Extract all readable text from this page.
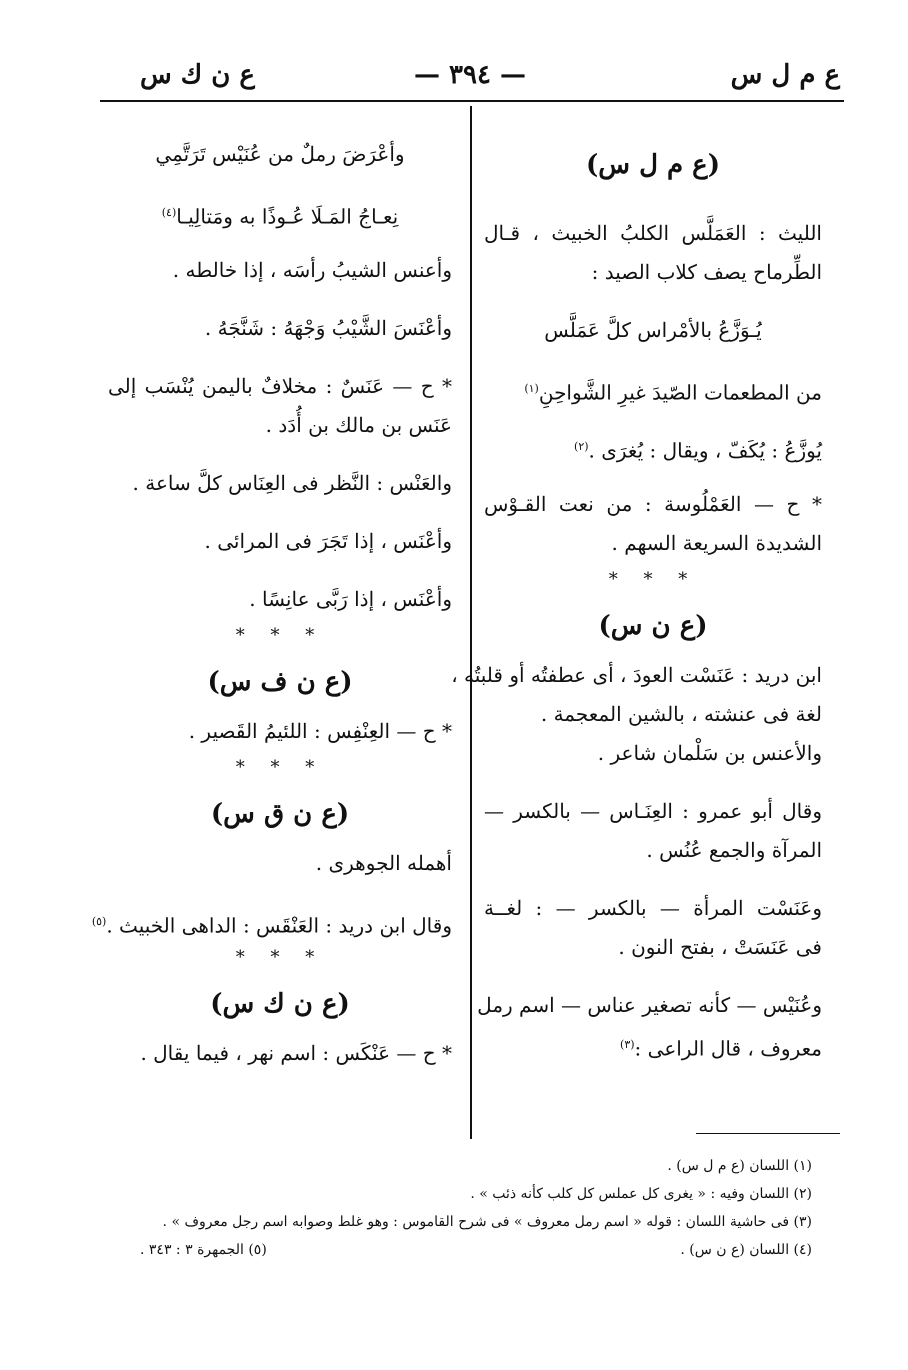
ع م ل س
— ٣٩٤ —
ع ن ك س
(ع م ل س)
الليث : العَمَلَّس الكلبُ الخبيث ، قـال
الطِّرماح يصف كلاب الصيد :
يُـوَزَّعُ بالأمْراس كلَّ عَمَلَّس
من المطعمات الصّيدَ غيرِ الشَّواحِنِ$^{(١)}$
يُوزَّعُ : يُكَفّ ، ويقال : يُغرَى .$^{(٢)}$
* ح — العَمْلُوسة : من نعت القـوْس
الشديدة السريعة السهم .
* * *
(ع ن س)
ابن دريد : عَنَسْت العودَ ، أى عطفتُه أو قلبتُه ،
لغة فى عنشته ، بالشين المعجمة .
والأعنس بن سَلْمان شاعر .
وقال أبو عمرو : العِنَـاس — بالكسر —
المرآة والجمع عُنُس .
وعَنَسْت المرأة — بالكسر — : لغــة
فى عَنَسَتْ ، بفتح النون .
وعُنَيْس — كأنه تصغير عناس — اسم رمل
معروف ، قال الراعى :$^{(٣)}$
وأعْرَضَ رملٌ من عُنَيْس تَرَتَّمِي
نِعـاجُ المَـلَا عُـوذًا به ومَتالِيـا$^{(٤)}$
وأعنس الشيبُ رأسَه ، إذا خالطه .
وأعْنَسَ الشَّيْبُ وَجْهَهُ : شَنَّجَهُ .
* ح — عَنَسٌ : مخلافٌ باليمن يُنْسَب إلى
عَنَس بن مالك بن أُدَد .
والعَنْس : النَّظر فى العِنَاس كلَّ ساعة .
وأعْنَس ، إذا تَجَرَ فى المرائى .
وأعْنَس ، إذا رَبَّى عانِسًا .
* * *
(ع ن ف س)
* ح — العِنْفِس : اللئيمُ القَصير .
* * *
(ع ن ق س)
أهمله الجوهرى .
وقال ابن دريد : العَنْقَس : الداهى الخبيث .$^{(٥)}$
* * *
(ع ن ك س)
* ح — عَنْكَس : اسم نهر ، فيما يقال .
(١) اللسان (ع م ل س) .
(٢) اللسان وفيه : « يغرى كل عملس كل كلب كأنه ذئب » .
(٣) فى حاشية اللسان : قوله « اسم رمل معروف » فى شرح القاموس : وهو غلط وصوابه اسم رجل معروف » .
(٤) اللسان (ع ن س) .
(٥) الجمهرة ٣ : ٣٤٣ .
